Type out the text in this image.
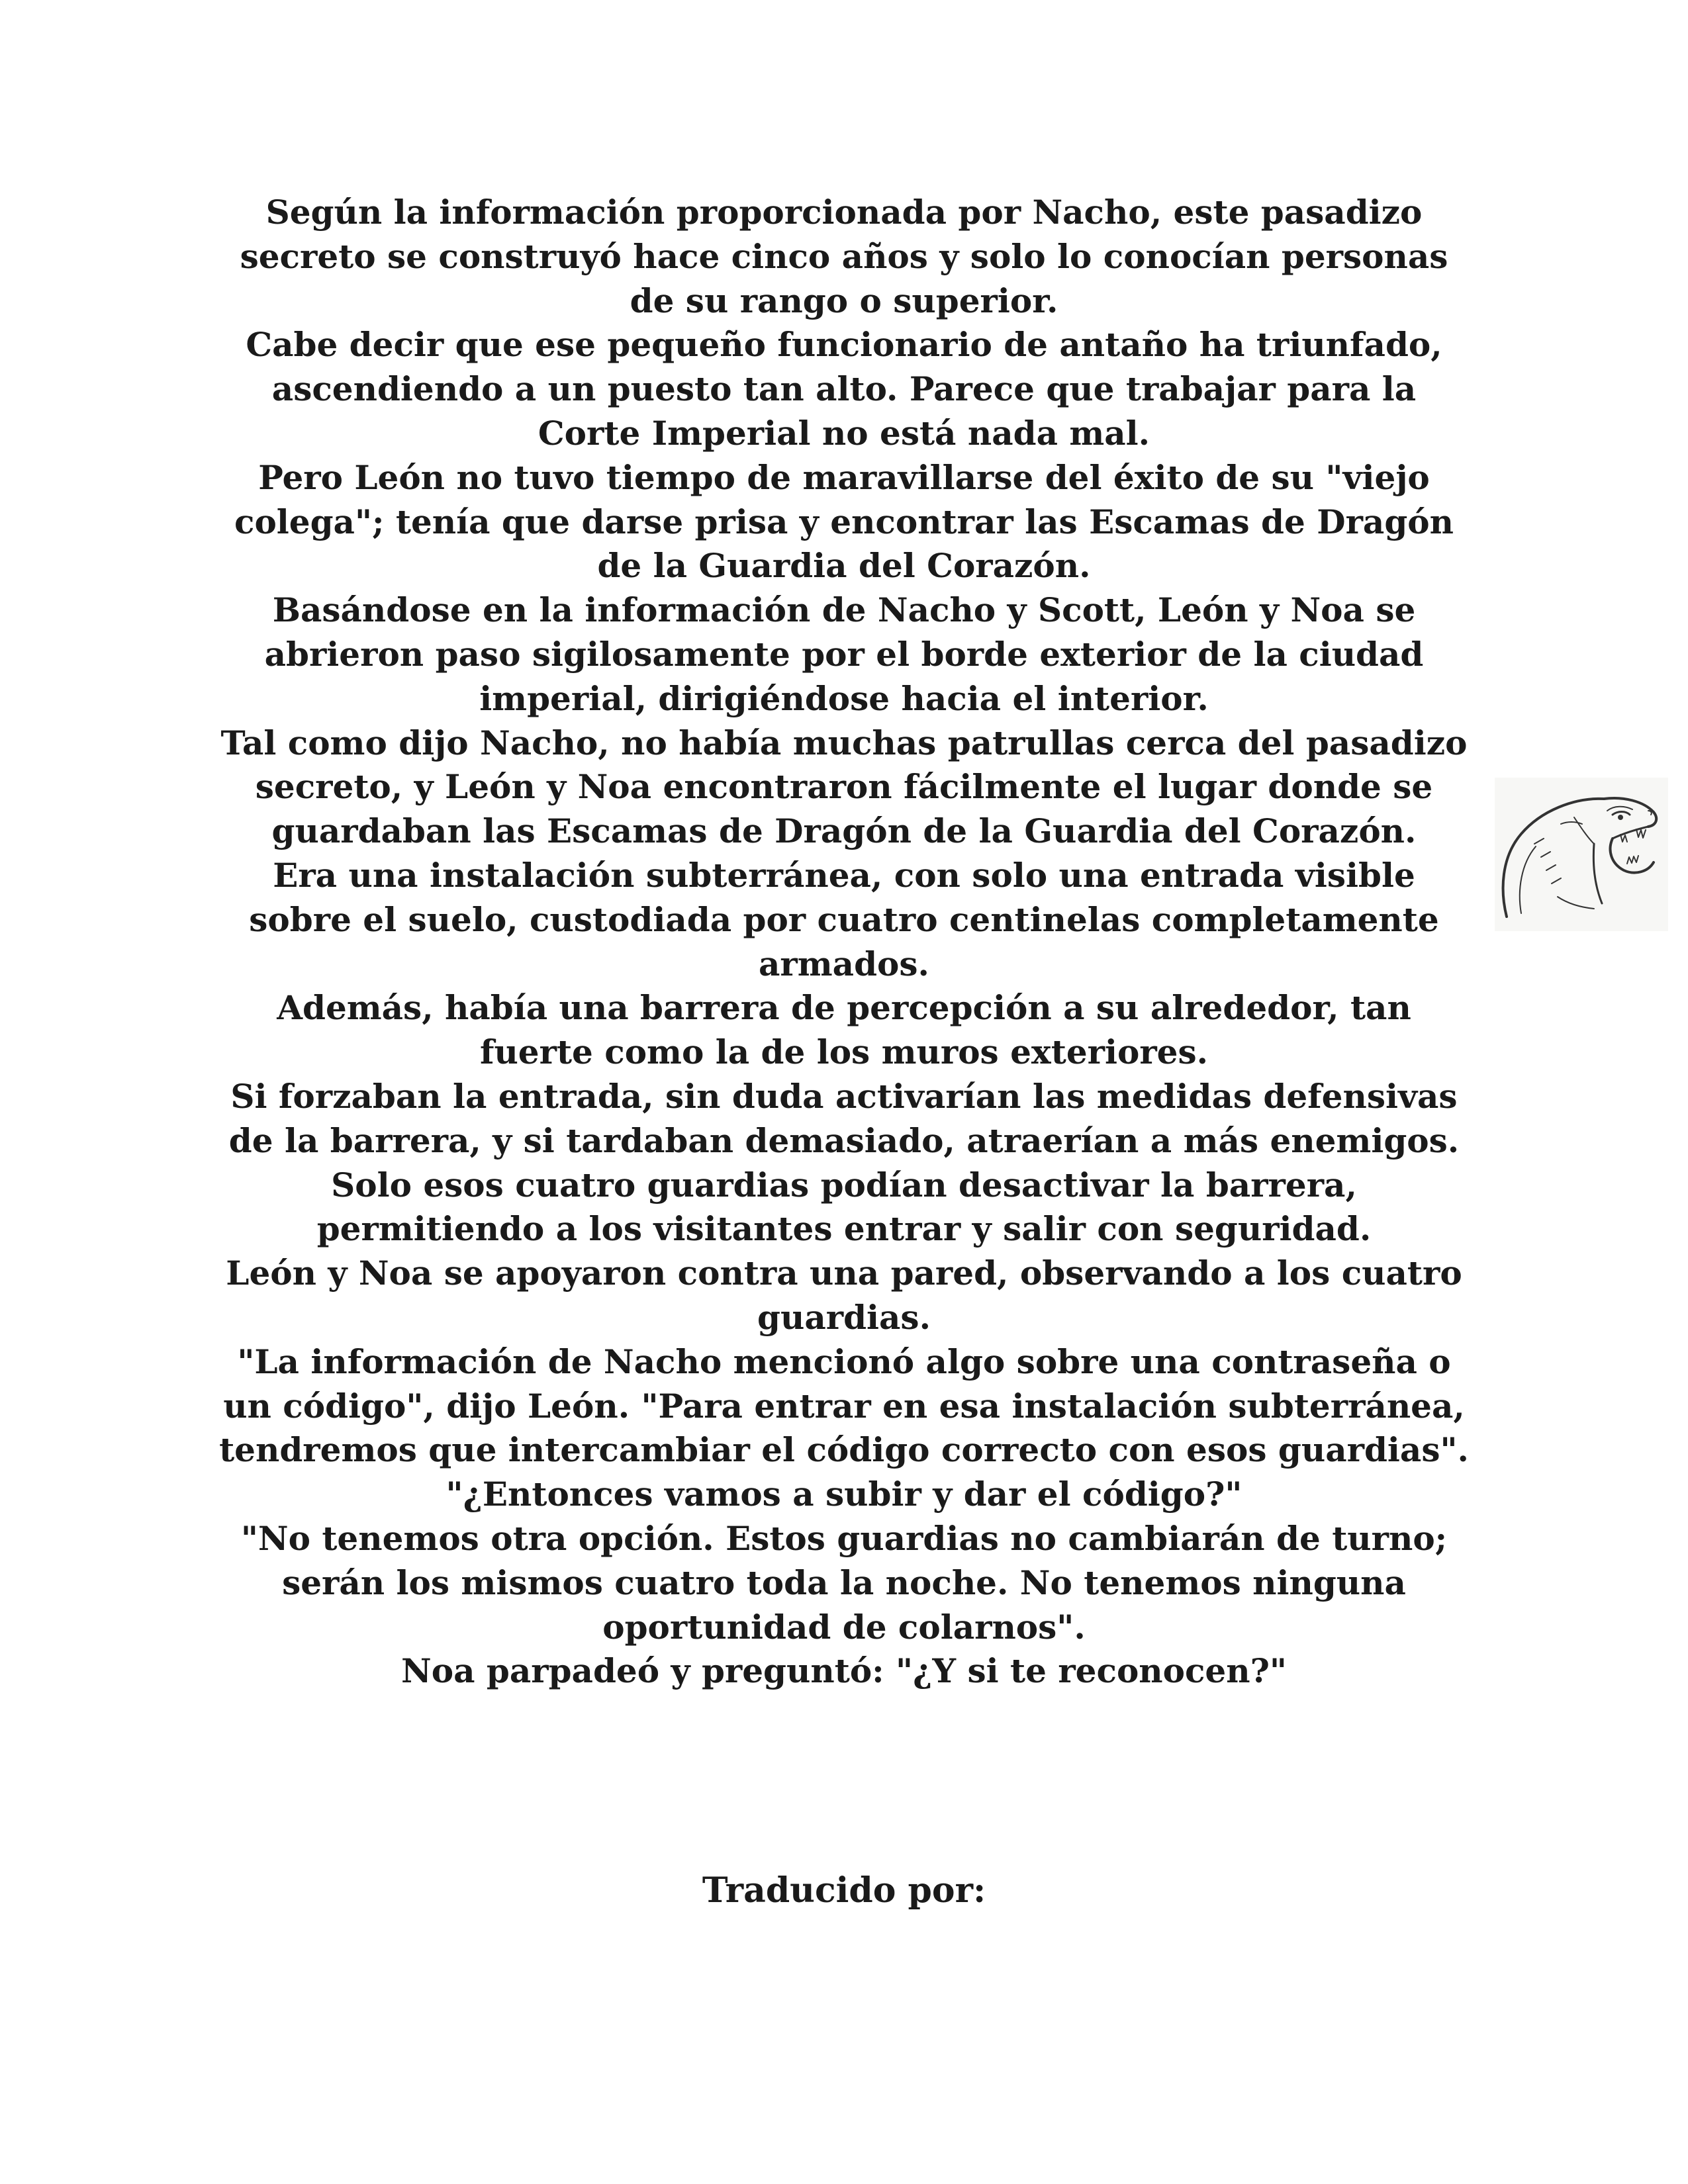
Según la información proporcionada por Nacho, este pasadizo secreto se construyó hace cinco años y solo lo conocían personas de su rango o superior.

Cabe decir que ese pequeño funcionario de antaño ha triunfado, ascendiendo a un puesto tan alto. Parece que trabajar para la Corte Imperial no está nada mal.

Pero León no tuvo tiempo de maravillarse del éxito de su "viejo colega"; tenía que darse prisa y encontrar las Escamas de Dragón de la Guardia del Corazón.

Basándose en la información de Nacho y Scott, León y Noa se abrieron paso sigilosamente por el borde exterior de la ciudad imperial, dirigiéndose hacia el interior.

Tal como dijo Nacho, no había muchas patrullas cerca del pasadizo secreto, y León y Noa encontraron fácilmente el lugar donde se guardaban las Escamas de Dragón de la Guardia del Corazón.

Era una instalación subterránea, con solo una entrada visible sobre el suelo, custodiada por cuatro centinelas completamente armados.

Además, había una barrera de percepción a su alrededor, tan fuerte como la de los muros exteriores.

Si forzaban la entrada, sin duda activarían las medidas defensivas de la barrera, y si tardaban demasiado, atraerían a más enemigos.

Solo esos cuatro guardias podían desactivar la barrera, permitiendo a los visitantes entrar y salir con seguridad.

León y Noa se apoyaron contra una pared, observando a los cuatro guardias.

"La información de Nacho mencionó algo sobre una contraseña o un código", dijo León. "Para entrar en esa instalación subterránea, tendremos que intercambiar el código correcto con esos guardias".

"¿Entonces vamos a subir y dar el código?"

"No tenemos otra opción. Estos guardias no cambiarán de turno; serán los mismos cuatro toda la noche. No tenemos ninguna oportunidad de colarnos".

Noa parpadeó y preguntó: "¿Y si te reconocen?"

Traducido por:
